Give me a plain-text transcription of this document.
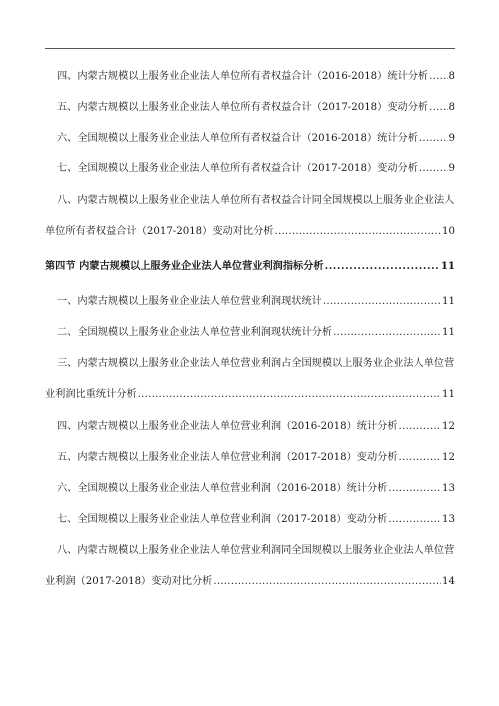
四、内蒙古规模以上服务业企业法人单位所有者权益合计（2016-2018）统计分析 . . . 8
五、内蒙古规模以上服务业企业法人单位所有者权益合计（2017-2018）变动分析 . . . 8
六、全国规模以上服务业企业法人单位所有者权益合计（2016-2018）统计分析 . . .	9
七、全国规模以上服务业企业法人单位所有者权益合计（2017-2018）变动分析 . . .	9
八、内蒙古规模以上服务业企业法人单位所有者权益合计同全国规模以上服务业企业法人
单位所有者权益合计（2017-2018）变动对比分析 . . .	10
第四节 内蒙古规模以上服务业企业法人单位营业利润指标分析 . . .	11
一、内蒙古规模以上服务业企业法人单位营业利润现状统计 . . .	11
二、全国规模以上服务业企业法人单位营业利润现状统计分析 . . .	11
三、内蒙古规模以上服务业企业法人单位营业利润占全国规模以上服务业企业法人单位营
业利润比重统计分析 . . .	11
四、内蒙古规模以上服务业企业法人单位营业利润（2016-2018）统计分析 . . .	12
五、内蒙古规模以上服务业企业法人单位营业利润（2017-2018）变动分析 . . .	12
六、全国规模以上服务业企业法人单位营业利润（2016-2018）统计分析 . . .	13
七、全国规模以上服务业企业法人单位营业利润（2017-2018）变动分析 . . .	13
八、内蒙古规模以上服务业企业法人单位营业利润同全国规模以上服务业企业法人单位营
业利润（2017-2018）变动对比分析 . . .	14
